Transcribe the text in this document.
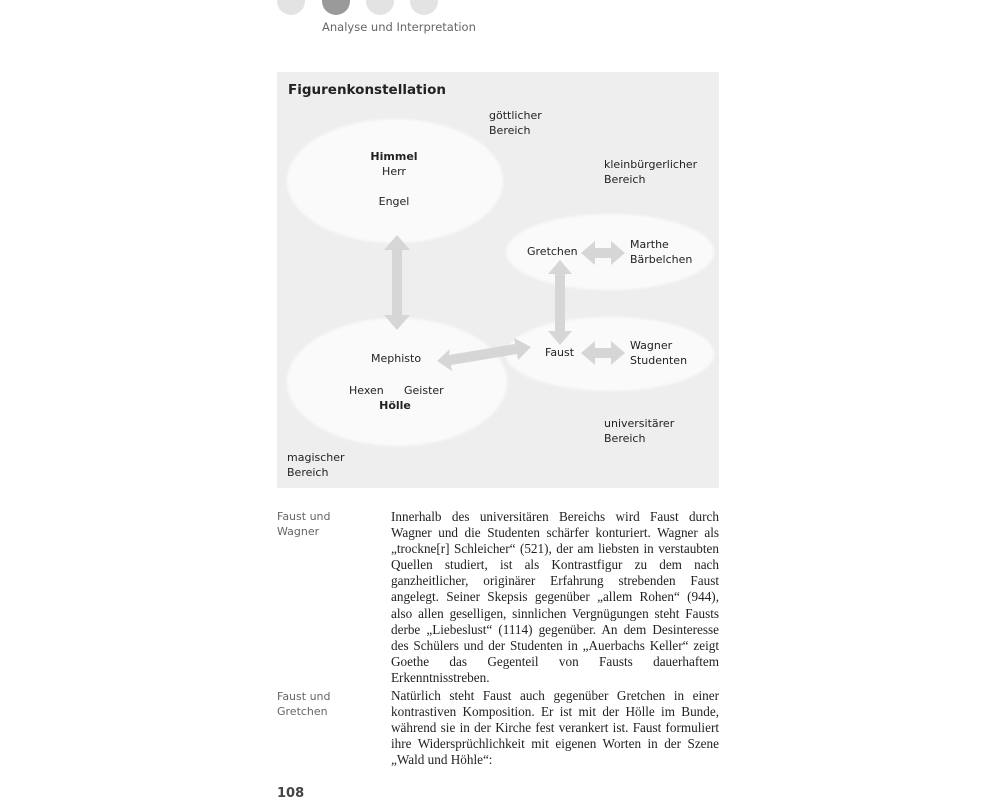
Analyse und Interpretation
Figurenkonstellation
göttlicher
Bereich
kleinbürgerlicher
Bereich
universitärer
Bereich
magischer
Bereich
Himmel
Herr
Engel
Mephisto
Hexen Geister
Hölle
Gretchen
Marthe
Bärbelchen
Faust
Wagner
Studenten
Faust und
Wagner
Innerhalb des universitären Bereichs wird Faust durch Wagner und die Studenten schärfer konturiert. Wagner als „trockne[r] Schleicher“ (521), der am liebsten in verstaubten Quellen studiert, ist als Kontrastfigur zu dem nach ganzheitlicher, originärer Erfahrung strebenden Faust angelegt. Seiner Skepsis gegenüber „allem Rohen“ (944), also allen geselligen, sinnlichen Vergnügungen steht Fausts derbe „Liebeslust“ (1114) gegenüber. An dem Desinteresse des Schülers und der Studenten in „Auerbachs Keller“ zeigt Goethe das Gegenteil von Fausts dauerhaftem Erkenntnisstreben.
Faust und
Gretchen
Natürlich steht Faust auch gegenüber Gretchen in einer kontrastiven Komposition. Er ist mit der Hölle im Bunde, während sie in der Kirche fest verankert ist. Faust formuliert ihre Widersprüchlichkeit mit eigenen Worten in der Szene „Wald und Höhle“:
108
